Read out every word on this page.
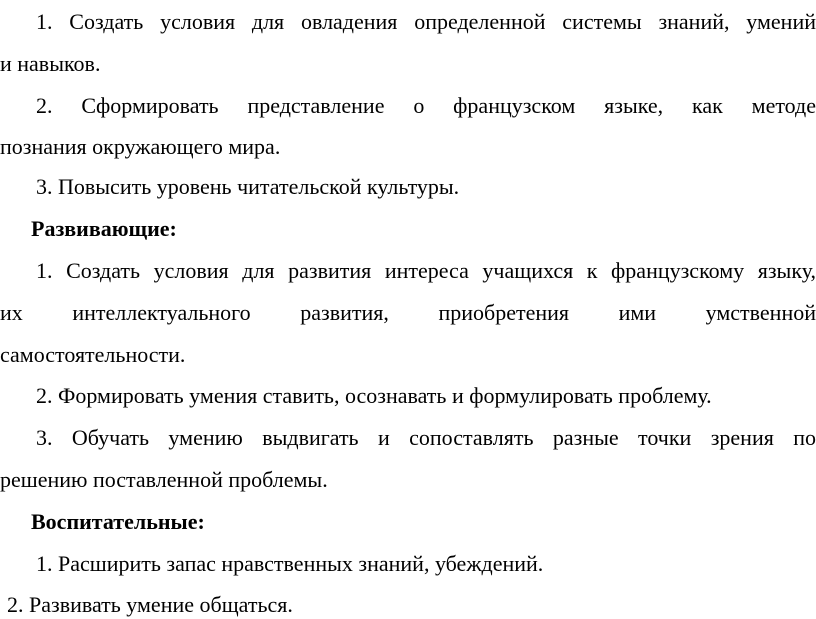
1. Создать условия для овладения определенной системы знаний, умений
и навыков.
2. Сформировать представление о французском языке, как методе
познания окружающего мира.
3. Повысить уровень читательской культуры.
Развивающие:
1. Создать условия для развития интереса учащихся к французскому языку,
их интеллектуального развития, приобретения ими умственной
самостоятельности.
2. Формировать умения ставить, осознавать и формулировать проблему.
3. Обучать умению выдвигать и сопоставлять разные точки зрения по
решению поставленной проблемы.
Воспитательные:
1. Расширить запас нравственных знаний, убеждений.
2. Развивать умение общаться.
